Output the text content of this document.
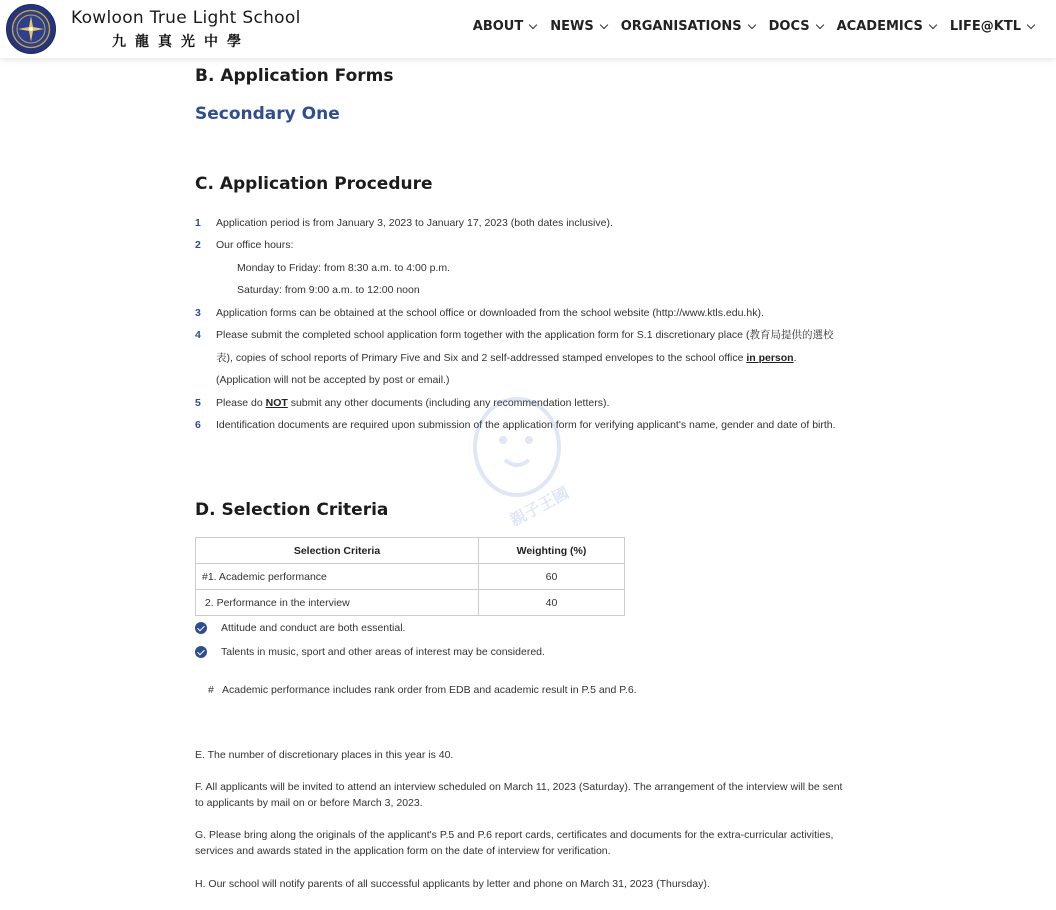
Kowloon True Light School
九龍真光中學
ABOUT NEWS ORGANISATIONS DOCS ACADEMICS LIFE@KTL
B. Application Forms
Secondary One
C. Application Procedure
1 Application period is from January 3, 2023 to January 17, 2023 (both dates inclusive).
2 Our office hours:
Monday to Friday: from 8:30 a.m. to 4:00 p.m.
Saturday: from 9:00 a.m. to 12:00 noon
3 Application forms can be obtained at the school office or downloaded from the school website (http://www.ktls.edu.hk).
4 Please submit the completed school application form together with the application form for S.1 discretionary place (教育局提供的選校表), copies of school reports of Primary Five and Six and 2 self-addressed stamped envelopes to the school office in person. (Application will not be accepted by post or email.)
5 Please do NOT submit any other documents (including any recommendation letters).
6 Identification documents are required upon submission of the application form for verifying applicant's name, gender and date of birth.
D. Selection Criteria
Selection Criteria	Weighting (%)
#1. Academic performance	60
2. Performance in the interview	40
Attitude and conduct are both essential.
Talents in music, sport and other areas of interest may be considered.
#   Academic performance includes rank order from EDB and academic result in P.5 and P.6.
E. The number of discretionary places in this year is 40.
F. All applicants will be invited to attend an interview scheduled on March 11, 2023 (Saturday). The arrangement of the interview will be sent to applicants by mail on or before March 3, 2023.
G. Please bring along the originals of the applicant's P.5 and P.6 report cards, certificates and documents for the extra-curricular activities, services and awards stated in the application form on the date of interview for verification.
H. Our school will notify parents of all successful applicants by letter and phone on March 31, 2023 (Thursday).
親子王國
